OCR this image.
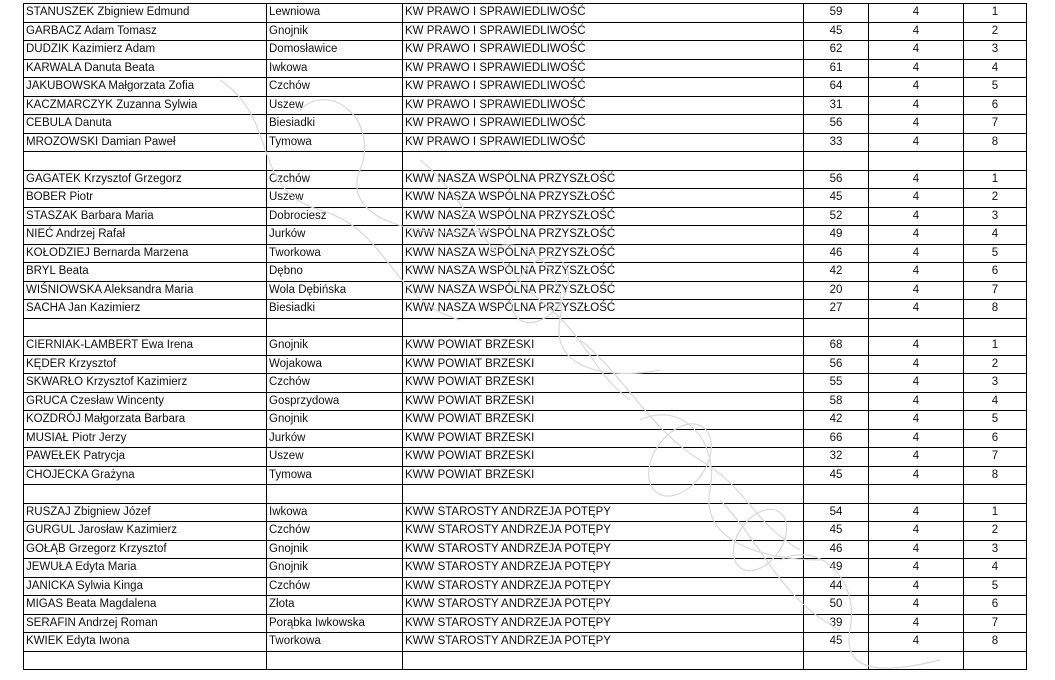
STANUSZEK Zbigniew Edmund	Lewniowa	KW PRAWO I SPRAWIEDLIWOŚĆ	59	4	1
GARBACZ Adam Tomasz	Gnojnik	KW PRAWO I SPRAWIEDLIWOŚĆ	45	4	2
DUDZIK Kazimierz Adam	Domosławice	KW PRAWO I SPRAWIEDLIWOŚĆ	62	4	3
KARWALA Danuta Beata	Iwkowa	KW PRAWO I SPRAWIEDLIWOŚĆ	61	4	4
JAKUBOWSKA Małgorzata Zofia	Czchów	KW PRAWO I SPRAWIEDLIWOŚĆ	64	4	5
KACZMARCZYK Zuzanna Sylwia	Uszew	KW PRAWO I SPRAWIEDLIWOŚĆ	31	4	6
CEBULA Danuta	Biesiadki	KW PRAWO I SPRAWIEDLIWOŚĆ	56	4	7
MROZOWSKI Damian Paweł	Tymowa	KW PRAWO I SPRAWIEDLIWOŚĆ	33	4	8

GAGATEK Krzysztof Grzegorz	Czchów	KWW NASZA WSPÓLNA PRZYSZŁOŚĆ	56	4	1
BOBER Piotr	Uszew	KWW NASZA WSPÓLNA PRZYSZŁOŚĆ	45	4	2
STASZAK Barbara Maria	Dobrociesz	KWW NASZA WSPÓLNA PRZYSZŁOŚĆ	52	4	3
NIEĆ Andrzej Rafał	Jurków	KWW NASZA WSPÓLNA PRZYSZŁOŚĆ	49	4	4
KOŁODZIEJ Bernarda Marzena	Tworkowa	KWW NASZA WSPÓLNA PRZYSZŁOŚĆ	46	4	5
BRYL Beata	Dębno	KWW NASZA WSPÓLNA PRZYSZŁOŚĆ	42	4	6
WIŚNIOWSKA Aleksandra Maria	Wola Dębińska	KWW NASZA WSPÓLNA PRZYSZŁOŚĆ	20	4	7
SACHA Jan Kazimierz	Biesiadki	KWW NASZA WSPÓLNA PRZYSZŁOŚĆ	27	4	8

CIERNIAK-LAMBERT Ewa Irena	Gnojnik	KWW POWIAT BRZESKI	68	4	1
KĘDER Krzysztof	Wojakowa	KWW POWIAT BRZESKI	56	4	2
SKWARŁO Krzysztof Kazimierz	Czchów	KWW POWIAT BRZESKI	55	4	3
GRUCA Czesław Wincenty	Gosprzydowa	KWW POWIAT BRZESKI	58	4	4
KOZDRÓJ Małgorzata Barbara	Gnojnik	KWW POWIAT BRZESKI	42	4	5
MUSIAŁ Piotr Jerzy	Jurków	KWW POWIAT BRZESKI	66	4	6
PAWEŁEK Patrycja	Uszew	KWW POWIAT BRZESKI	32	4	7
CHOJECKA Grażyna	Tymowa	KWW POWIAT BRZESKI	45	4	8

RUSZAJ Zbigniew Józef	Iwkowa	KWW STAROSTY ANDRZEJA POTĘPY	54	4	1
GURGUL Jarosław Kazimierz	Czchów	KWW STAROSTY ANDRZEJA POTĘPY	45	4	2
GOŁĄB Grzegorz Krzysztof	Gnojnik	KWW STAROSTY ANDRZEJA POTĘPY	46	4	3
JEWUŁA Edyta Maria	Gnojnik	KWW STAROSTY ANDRZEJA POTĘPY	49	4	4
JANICKA Sylwia Kinga	Czchów	KWW STAROSTY ANDRZEJA POTĘPY	44	4	5
MIGAS Beata Magdalena	Złota	KWW STAROSTY ANDRZEJA POTĘPY	50	4	6
SERAFIN Andrzej Roman	Porąbka Iwkowska	KWW STAROSTY ANDRZEJA POTĘPY	39	4	7
KWIEK Edyta Iwona	Tworkowa	KWW STAROSTY ANDRZEJA POTĘPY	45	4	8
